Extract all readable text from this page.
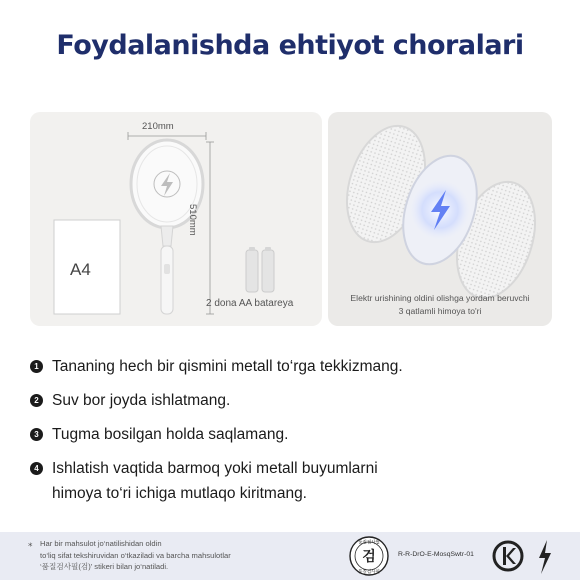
Foydalanishda ehtiyot choralari
210mm
510mm
A4
2 dona AA batareya	Elektr urishining oldini olishga yordam beruvchi
3 qatlamli himoya to'ri
1 Tananing hech bir qismini metall to‘rga tekkizmang.
2 Suv bor joyda ishlatmang.
3 Tugma bosilgan holda saqlamang.
4 Ishlatish vaqtida barmoq yoki metall buyumlarni
himoya to‘ri ichiga mutlaqo kiritmang.
* Har bir mahsulot jo‘natilishidan oldin
to‘liq sifat tekshiruvidan o‘tkaziladi va barcha mahsulotlar
‘품질검사필(검)’ stikeri bilan jo‘natiladi.
품질검사필
검
품질검사필
R-R-DrO-E-MosqSwtr-01
